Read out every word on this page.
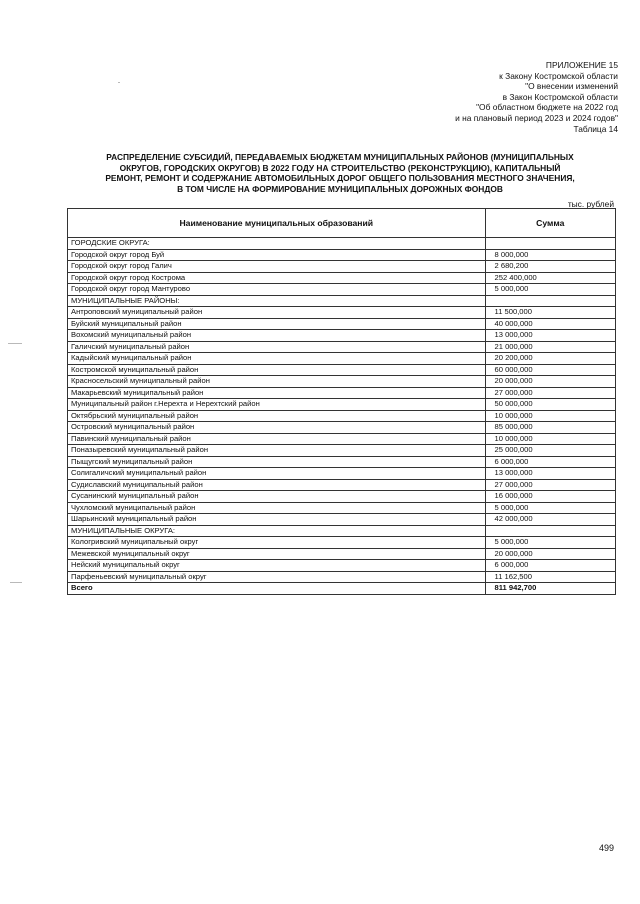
ПРИЛОЖЕНИЕ 15
к Закону Костромской области
"О внесении изменений
в Закон Костромской области
"Об областном бюджете на 2022 год
и на плановый период 2023 и 2024 годов"
Таблица 14
РАСПРЕДЕЛЕНИЕ СУБСИДИЙ, ПЕРЕДАВАЕМЫХ БЮДЖЕТАМ МУНИЦИПАЛЬНЫХ РАЙОНОВ (МУНИЦИПАЛЬНЫХ
ОКРУГОВ, ГОРОДСКИХ ОКРУГОВ) В 2022 ГОДУ НА СТРОИТЕЛЬСТВО (РЕКОНСТРУКЦИЮ), КАПИТАЛЬНЫЙ
РЕМОНТ, РЕМОНТ И СОДЕРЖАНИЕ АВТОМОБИЛЬНЫХ ДОРОГ ОБЩЕГО ПОЛЬЗОВАНИЯ МЕСТНОГО ЗНАЧЕНИЯ,
В ТОМ ЧИСЛЕ НА ФОРМИРОВАНИЕ МУНИЦИПАЛЬНЫХ ДОРОЖНЫХ ФОНДОВ
тыс. рублей
Наименование муниципальных образований	Сумма
ГОРОДСКИЕ ОКРУГА:	
Городской округ город Буй	8 000,000
Городской округ город Галич	2 680,200
Городской округ город Кострома	252 400,000
Городской округ город Мантурово	5 000,000
МУНИЦИПАЛЬНЫЕ РАЙОНЫ:	
Антроповский муниципальный район	11 500,000
Буйский муниципальный район	40 000,000
Вохомский муниципальный район	13 000,000
Галичский муниципальный район	21 000,000
Кадыйский муниципальный район	20 200,000
Костромской муниципальный район	60 000,000
Красносельский муниципальный район	20 000,000
Макарьевский муниципальный район	27 000,000
Муниципальный район г.Нерехта и Нерехтский район	50 000,000
Октябрьский муниципальный район	10 000,000
Островский муниципальный район	85 000,000
Павинский муниципальный район	10 000,000
Поназыревский муниципальный район	25 000,000
Пыщугский муниципальный район	6 000,000
Солигаличский муниципальный район	13 000,000
Судиславский муниципальный район	27 000,000
Сусанинский муниципальный район	16 000,000
Чухломский муниципальный район	5 000,000
Шарьинский муниципальный район	42 000,000
МУНИЦИПАЛЬНЫЕ ОКРУГА:	
Кологривский муниципальный округ	5 000,000
Межевской муниципальный округ	20 000,000
Нейский муниципальный округ	6 000,000
Парфеньевский муниципальный округ	11 162,500
Всего	811 942,700
499
